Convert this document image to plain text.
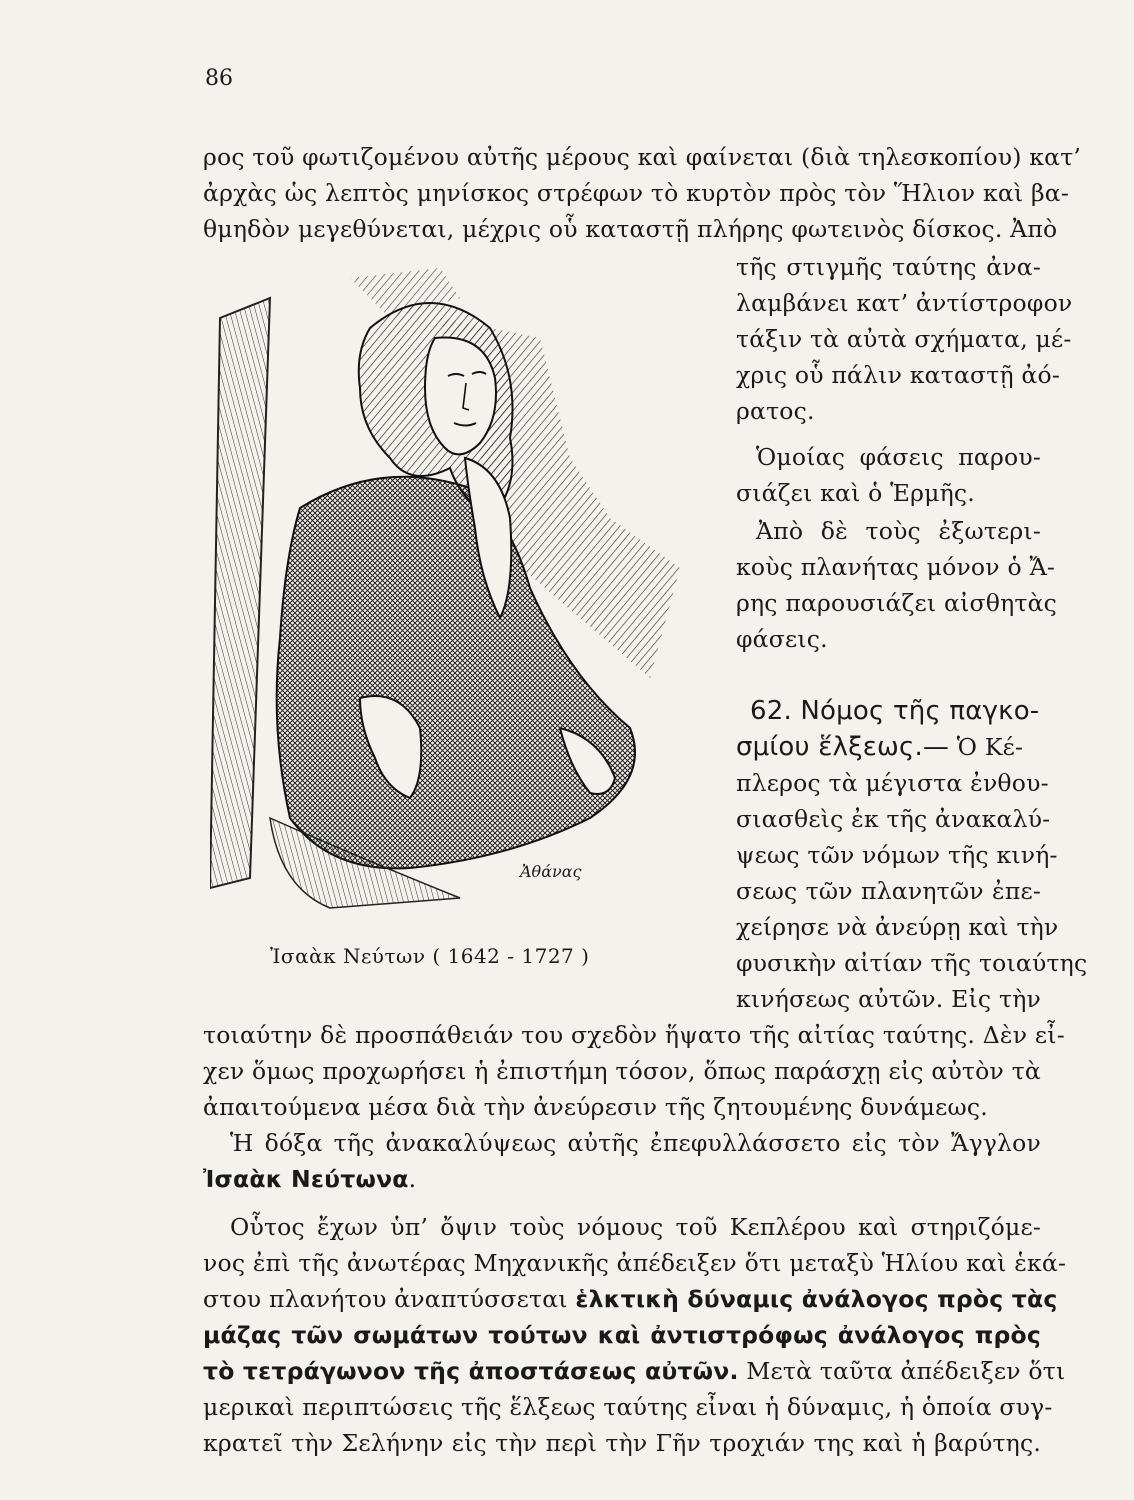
86
ρος τοῦ φωτιζομένου αὐτῆς μέρους καὶ φαίνεται (διὰ τηλεσκοπίου) κατ’
ἀρχὰς ὡς λεπτὸς μηνίσκος στρέφων τὸ κυρτὸν πρὸς τὸν Ἥλιον καὶ βα-
θμηδὸν μεγεθύνεται, μέχρις οὗ καταστῇ πλήρης φωτεινὸς δίσκος. Ἀπὸ
τῆς στιγμῆς ταύτης ἀνα-
λαμβάνει κατ’ ἀντίστροφον
τάξιν τὰ αὐτὰ σχήματα, μέ-
χρις οὗ πάλιν καταστῇ ἀό-
ρατος.
Ὁμοίας φάσεις παρου-
σιάζει καὶ ὁ Ἑρμῆς.
Ἀπὸ δὲ τοὺς ἐξωτερι-
κοὺς πλανήτας μόνον ὁ Ἄ-
ρης παρουσιάζει αἰσθητὰς
φάσεις.
62. Νόμος τῆς παγκο-
σμίου ἕλξεως.— Ὁ Κέ-
πλερος τὰ μέγιστα ἐνθου-
σιασθεὶς ἐκ τῆς ἀνακαλύ-
ψεως τῶν νόμων τῆς κινή-
σεως τῶν πλανητῶν ἐπε-
χείρησε νὰ ἀνεύρῃ καὶ τὴν
φυσικὴν αἰτίαν τῆς τοιαύτης
κινήσεως αὐτῶν. Εἰς τὴν
Ἀθάνας
Ἰσαὰκ Νεύτων ( 1642 - 1727 )
τοιαύτην δὲ προσπάθειάν του σχεδὸν ἥψατο τῆς αἰτίας ταύτης. Δὲν εἶ-
χεν ὅμως προχωρήσει ἡ ἐπιστήμη τόσον, ὅπως παράσχῃ εἰς αὐτὸν τὰ
ἀπαιτούμενα μέσα διὰ τὴν ἀνεύρεσιν τῆς ζητουμένης δυνάμεως.
Ἡ δόξα τῆς ἀνακαλύψεως αὐτῆς ἐπεφυλλάσσετο εἰς τὸν Ἄγγλον
Ἰσαὰκ Νεύτωνα.
Οὗτος ἔχων ὑπ’ ὄψιν τοὺς νόμους τοῦ Κεπλέρου καὶ στηριζόμε-
νος ἐπὶ τῆς ἀνωτέρας Μηχανικῆς ἀπέδειξεν ὅτι μεταξὺ Ἡλίου καὶ ἑκά-
στου πλανήτου ἀναπτύσσεται ἑλκτικὴ δύναμις ἀνάλογος πρὸς τὰς
μάζας τῶν σωμάτων τούτων καὶ ἀντιστρόφως ἀνάλογος πρὸς
τὸ τετράγωνον τῆς ἀποστάσεως αὐτῶν. Μετὰ ταῦτα ἀπέδειξεν ὅτι
μερικαὶ περιπτώσεις τῆς ἕλξεως ταύτης εἶναι ἡ δύναμις, ἡ ὁποία συγ-
κρατεῖ τὴν Σελήνην εἰς τὴν περὶ τὴν Γῆν τροχιάν της καὶ ἡ βαρύτης.
